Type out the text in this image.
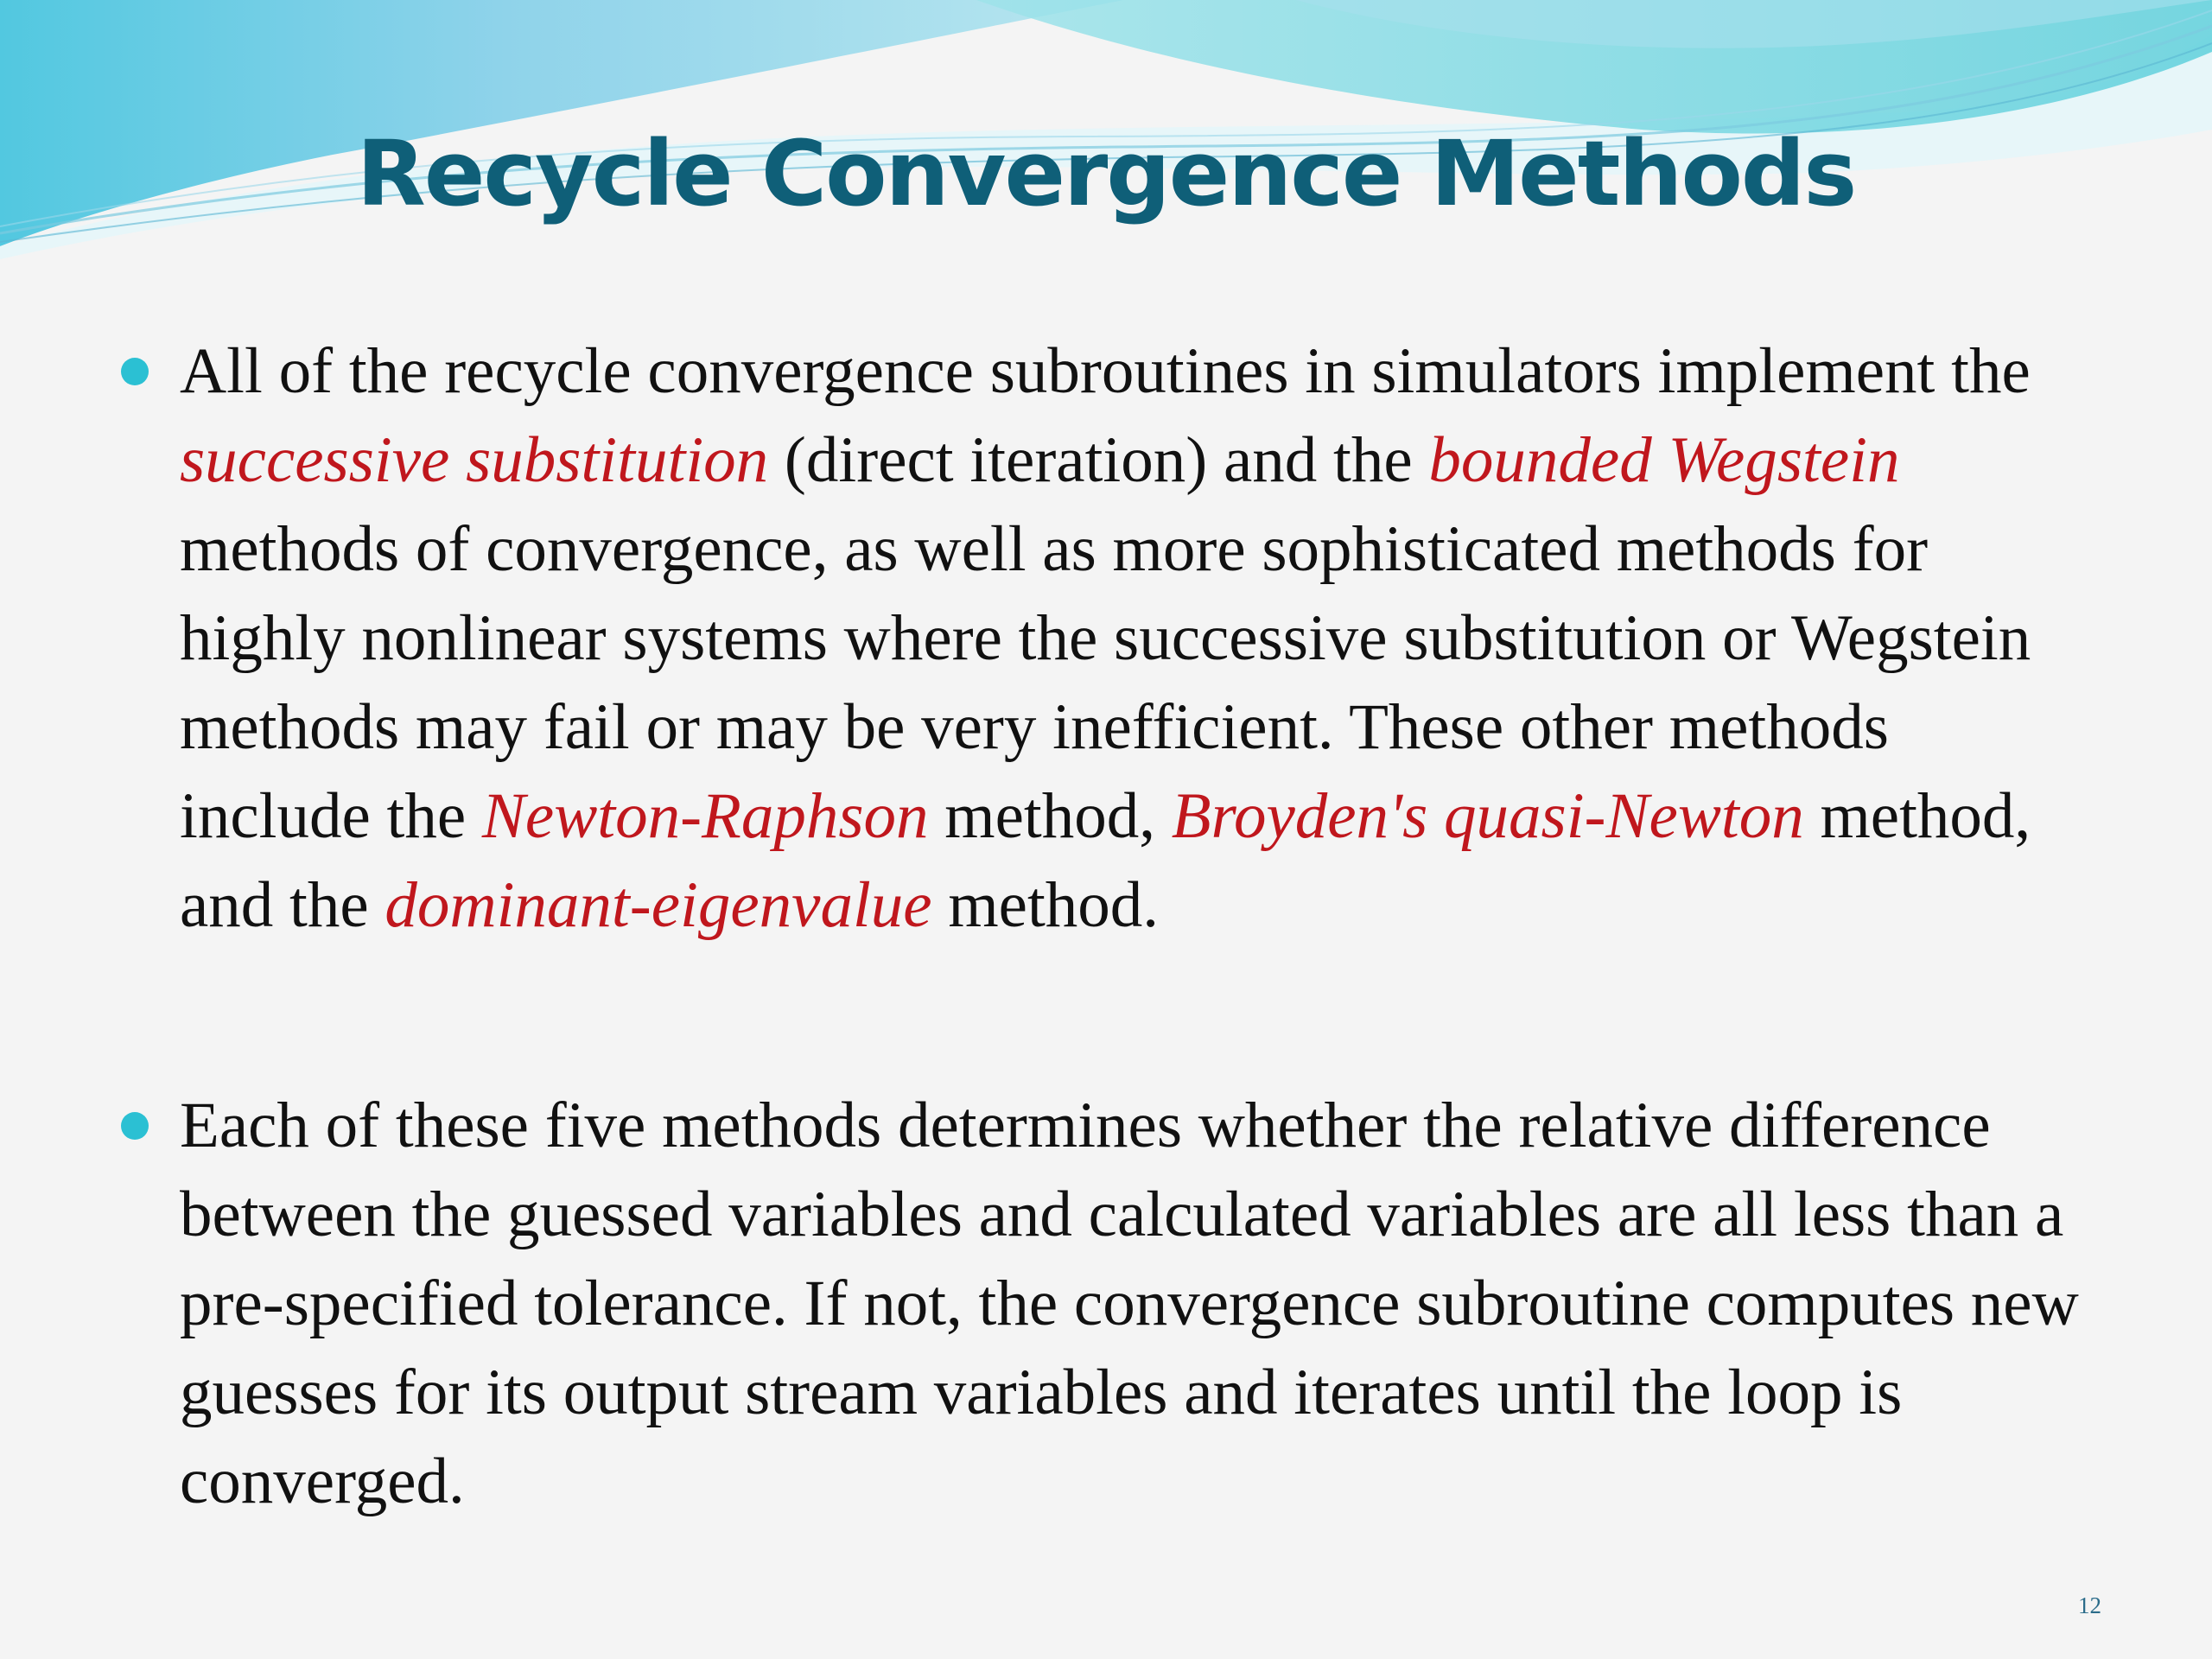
Recycle Convergence Methods

All of the recycle convergence subroutines in simulators implement the successive substitution (direct iteration) and the bounded Wegstein methods of convergence, as well as more sophisticated methods for highly nonlinear systems where the successive substitution or Wegstein methods may fail or may be very inefficient. These other methods include the Newton-Raphson method, Broyden's quasi-Newton method, and the dominant-eigenvalue method.

Each of these five methods determines whether the relative difference between the guessed variables and calculated variables are all less than a pre-specified tolerance. If not, the convergence subroutine computes new guesses for its output stream variables and iterates until the loop is converged.

12
